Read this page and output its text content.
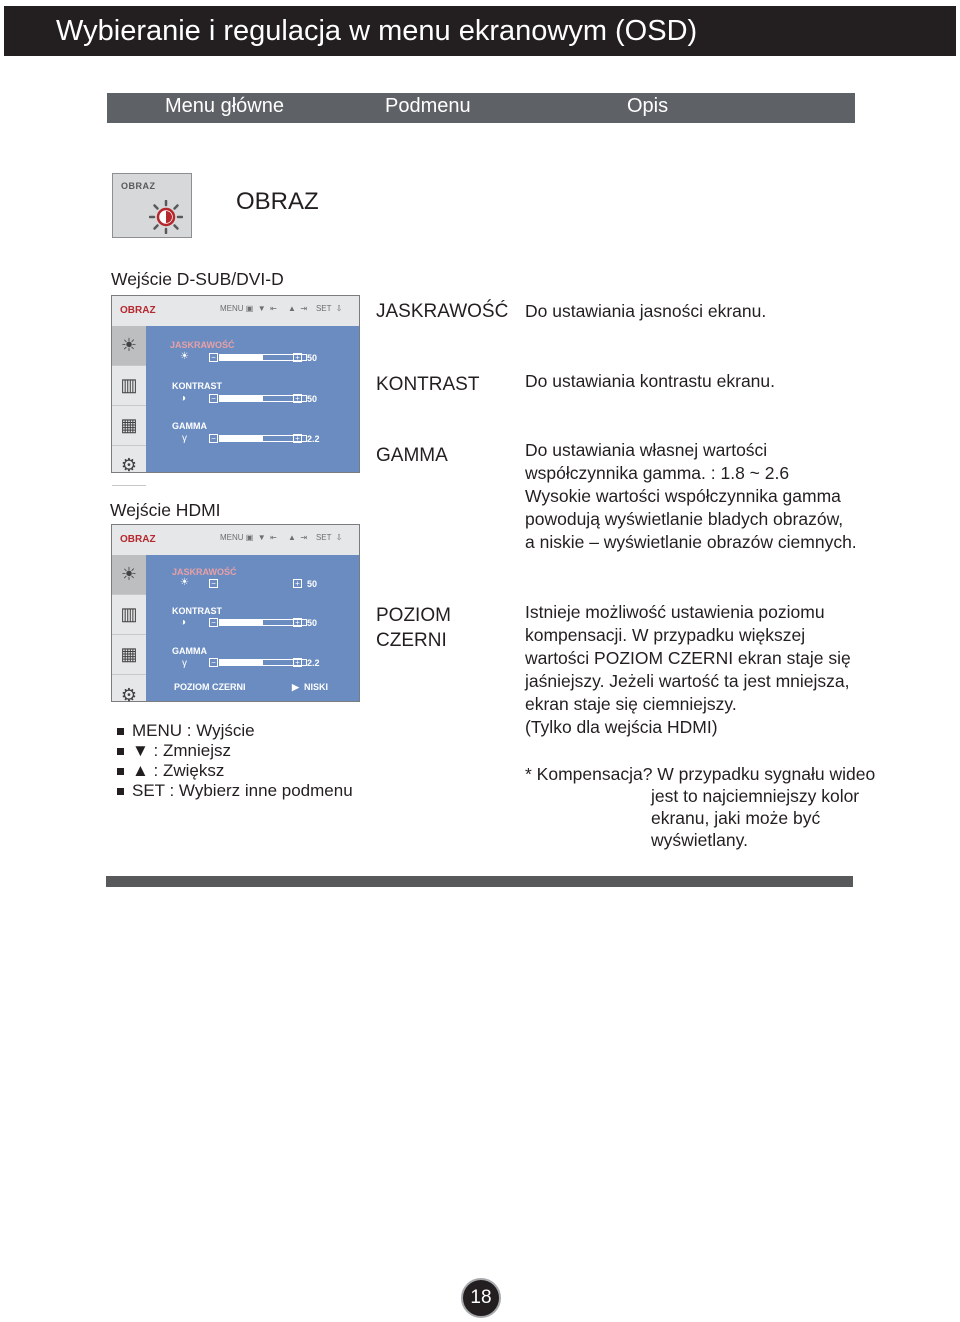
Wybieranie i regulacja w menu ekranowym (OSD)
Menu główne	Podmenu	Opis
OBRAZ
OBRAZ
Wejście D-SUB/DVI-D
OBRAZ	MENU ▣  ▼  ⇤     ▲  ⇥    SET  ⇩
☀
▥
▦
⚙
JASKRAWOŚĆ
☀	−	+ 50
KONTRAST
◑	−	+ 50
GAMMA
γ	−	+ 2.2
Wejście HDMI
OBRAZ	MENU ▣  ▼  ⇤     ▲  ⇥    SET  ⇩
☀
▥
▦
⚙
JASKRAWOŚĆ
☀	−	+ 50
KONTRAST
◑	−	+ 50
GAMMA
γ	−	+ 2.2
POZIOM CZERNI	▶ NISKI
JASKRAWOŚĆ
KONTRAST
GAMMA
POZIOM
CZERNI
Do ustawiania jasności ekranu.
Do ustawiania kontrastu ekranu.
Do ustawiania własnej wartości
współczynnika gamma. : 1.8 ~ 2.6
Wysokie wartości współczynnika gamma
powodują wyświetlanie bladych obrazów,
a niskie – wyświetlanie obrazów ciemnych.
Istnieje możliwość ustawienia poziomu
kompensacji. W przypadku większej
wartości POZIOM CZERNI ekran staje się
jaśniejszy. Jeżeli wartość ta jest mniejsza,
ekran staje się ciemniejszy.
(Tylko dla wejścia HDMI)
* Kompensacja? W przypadku sygnału wideo
jest to najciemniejszy kolor
ekranu, jaki może być
wyświetlany.
MENU : Wyjście
▼ : Zmniejsz
▲ : Zwiększ
SET : Wybierz inne podmenu
18
